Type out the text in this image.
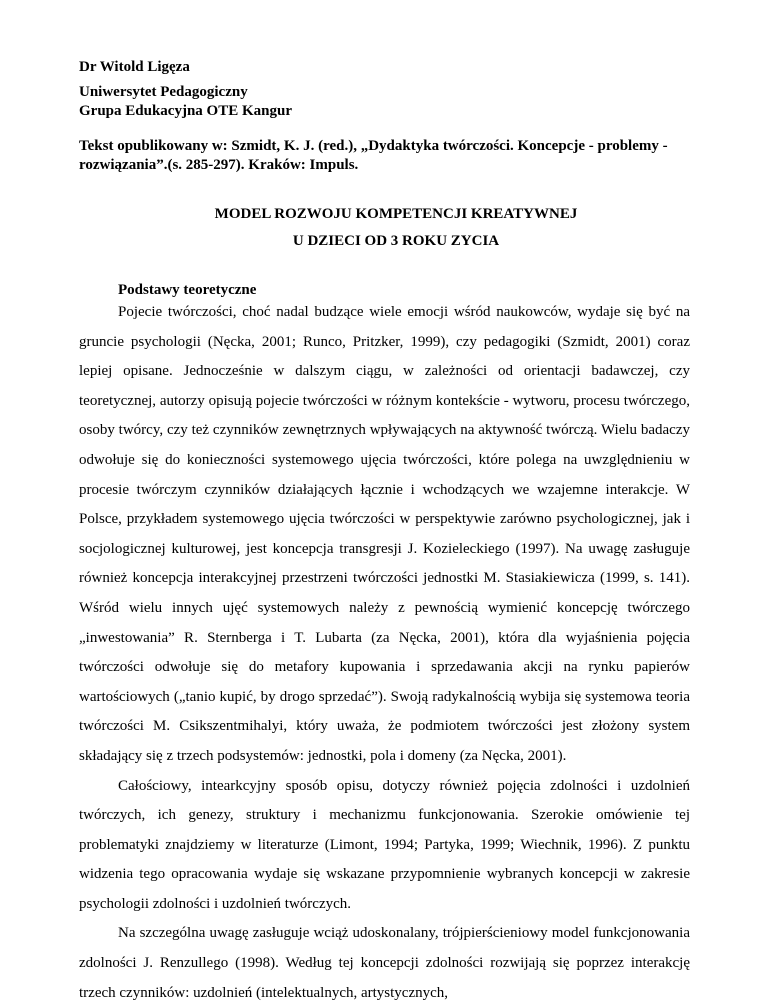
Dr Witold Ligęza
Uniwersytet Pedagogiczny
Grupa Edukacyjna OTE Kangur
Tekst opublikowany w: Szmidt, K. J. (red.), „Dydaktyka twórczości. Koncepcje - problemy - rozwiązania”.(s. 285-297). Kraków: Impuls.
MODEL ROZWOJU KOMPETENCJI KREATYWNEJ
U DZIECI OD 3 ROKU ZYCIA
Podstawy teoretyczne

Pojecie twórczości, choć nadal budzące wiele emocji wśród naukowców, wydaje się być na gruncie psychologii (Nęcka, 2001; Runco, Pritzker, 1999), czy pedagogiki (Szmidt, 2001) coraz lepiej opisane. Jednocześnie w dalszym ciągu, w zależności od orientacji badawczej, czy teoretycznej, autorzy opisują pojecie twórczości w różnym kontekście - wytworu, procesu twórczego, osoby twórcy, czy też czynników zewnętrznych wpływających na aktywność twórczą. Wielu badaczy odwołuje się do konieczności systemowego ujęcia twórczości, które polega na uwzględnieniu w procesie twórczym czynników działających łącznie i wchodzących we wzajemne interakcje. W Polsce, przykładem systemowego ujęcia twórczości w perspektywie zarówno psychologicznej, jak i socjologicznej kulturowej, jest koncepcja transgresji J. Kozieleckiego (1997). Na uwagę zasługuje również koncepcja interakcyjnej przestrzeni twórczości jednostki M. Stasiakiewicza (1999, s. 141). Wśród wielu innych ujęć systemowych należy z pewnością wymienić koncepcję twórczego „inwestowania” R. Sternberga i T. Lubarta (za Nęcka, 2001), która dla wyjaśnienia pojęcia twórczości odwołuje się do metafory kupowania i sprzedawania akcji na rynku papierów wartościowych („tanio kupić, by drogo sprzedać”). Swoją radykalnością wybija się systemowa teoria twórczości M. Csikszentmihalyi, który uważa, że podmiotem twórczości jest złożony system składający się z trzech podsystemów: jednostki, pola i domeny (za Nęcka, 2001).

Całościowy, intearkcyjny sposób opisu, dotyczy również pojęcia zdolności i uzdolnień twórczych, ich genezy, struktury i mechanizmu funkcjonowania. Szerokie omówienie tej problematyki znajdziemy w literaturze (Limont, 1994; Partyka, 1999; Wiechnik, 1996). Z punktu widzenia tego opracowania wydaje się wskazane przypomnienie wybranych koncepcji w zakresie psychologii zdolności i uzdolnień twórczych.

Na szczególna uwagę zasługuje wciąż udoskonalany, trójpierścieniowy model funkcjonowania zdolności J. Renzullego (1998). Według tej koncepcji zdolności rozwijają się poprzez interakcję trzech czynników: uzdolnień (intelektualnych, artystycznych,
